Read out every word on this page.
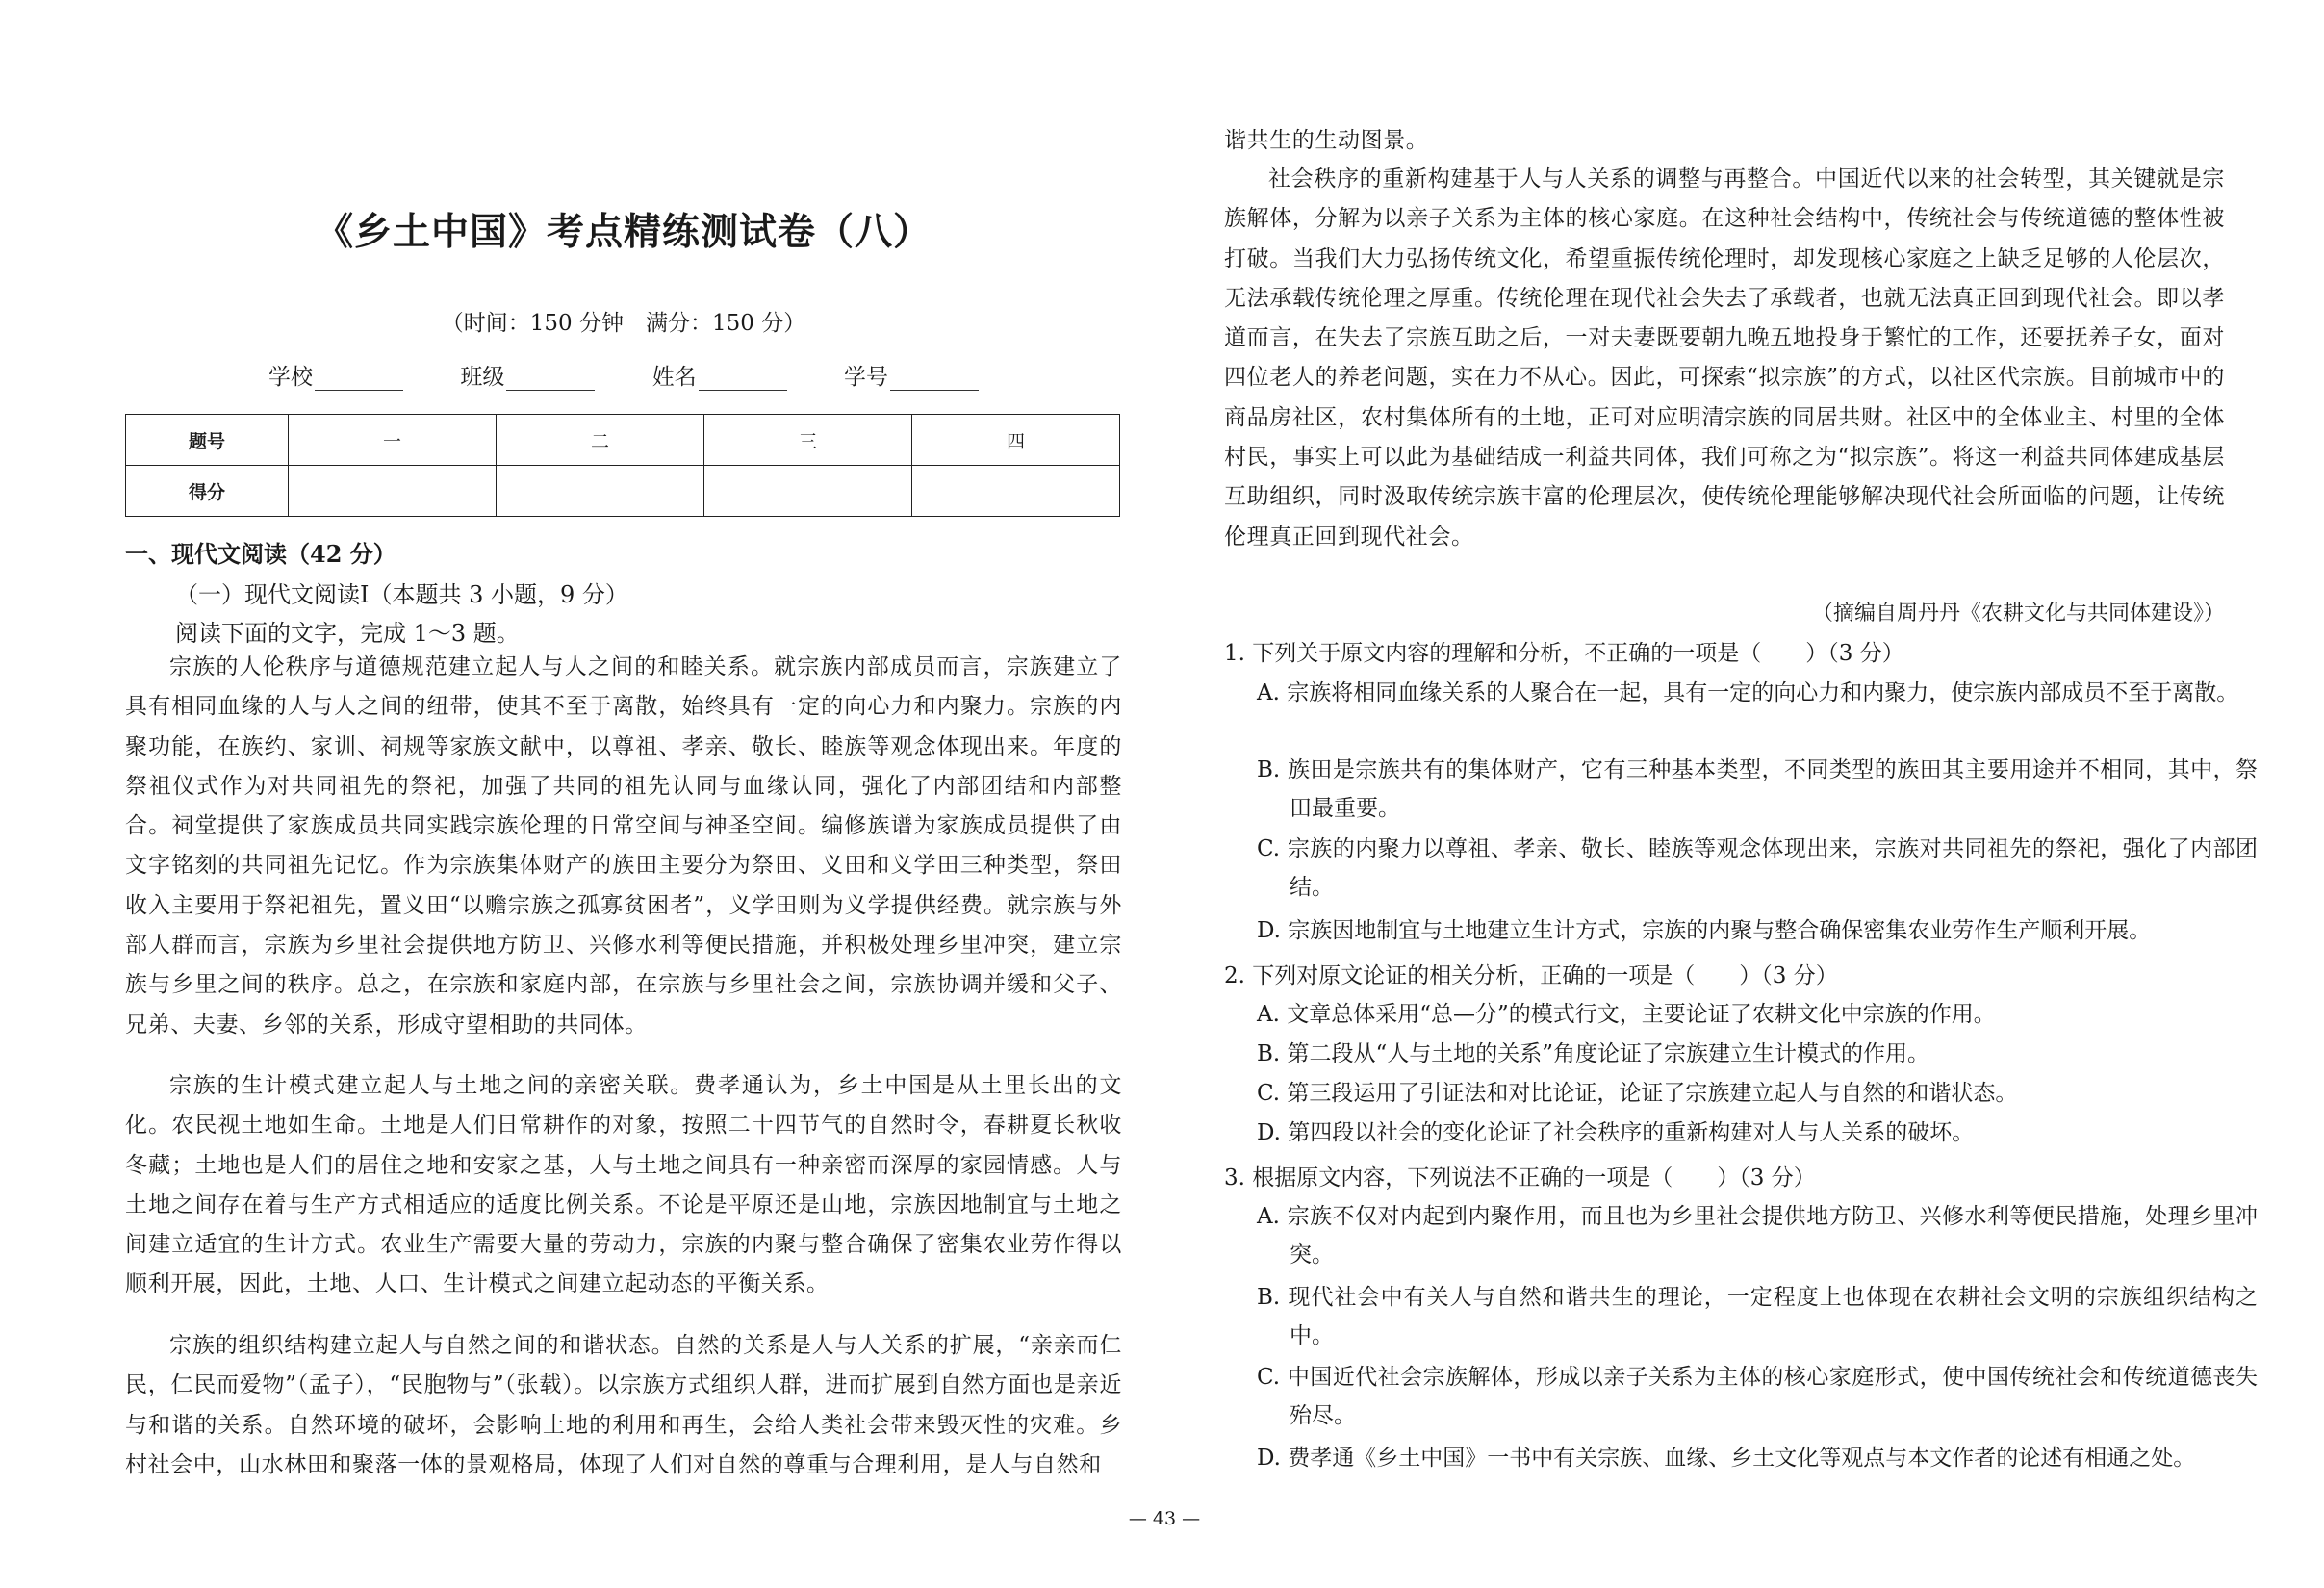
《乡土中国》考点精练测试卷（八）
（时间：150 分钟　满分：150 分）
学校	班级	姓名	学号
题号	一	二	三	四
得分				
一、现代文阅读（42 分）
（一）现代文阅读Ⅰ（本题共 3 小题，9 分）
阅读下面的文字，完成 1～3 题。

宗族的人伦秩序与道德规范建立起人与人之间的和睦关系。就宗族内部成员而言，宗族建立了具有相同血缘的人与人之间的纽带，使其不至于离散，始终具有一定的向心力和内聚力。宗族的内聚功能，在族约、家训、祠规等家族文献中，以尊祖、孝亲、敬长、睦族等观念体现出来。年度的祭祖仪式作为对共同祖先的祭祀，加强了共同的祖先认同与血缘认同，强化了内部团结和内部整合。祠堂提供了家族成员共同实践宗族伦理的日常空间与神圣空间。编修族谱为家族成员提供了由文字铭刻的共同祖先记忆。作为宗族集体财产的族田主要分为祭田、义田和义学田三种类型，祭田收入主要用于祭祀祖先，置义田“以赡宗族之孤寡贫困者”，义学田则为义学提供经费。就宗族与外部人群而言，宗族为乡里社会提供地方防卫、兴修水利等便民措施，并积极处理乡里冲突，建立宗族与乡里之间的秩序。总之，在宗族和家庭内部，在宗族与乡里社会之间，宗族协调并缓和父子、兄弟、夫妻、乡邻的关系，形成守望相助的共同体。

宗族的生计模式建立起人与土地之间的亲密关联。费孝通认为，乡土中国是从土里长出的文化。农民视土地如生命。土地是人们日常耕作的对象，按照二十四节气的自然时令，春耕夏长秋收冬藏；土地也是人们的居住之地和安家之基，人与土地之间具有一种亲密而深厚的家园情感。人与土地之间存在着与生产方式相适应的适度比例关系。不论是平原还是山地，宗族因地制宜与土地之间建立适宜的生计方式。农业生产需要大量的劳动力，宗族的内聚与整合确保了密集农业劳作得以顺利开展，因此，土地、人口、生计模式之间建立起动态的平衡关系。

宗族的组织结构建立起人与自然之间的和谐状态。自然的关系是人与人关系的扩展，“亲亲而仁民，仁民而爱物”（孟子），“民胞物与”（张载）。以宗族方式组织人群，进而扩展到自然方面也是亲近与和谐的关系。自然环境的破坏，会影响土地的利用和再生，会给人类社会带来毁灭性的灾难。乡村社会中，山水林田和聚落一体的景观格局，体现了人们对自然的尊重与合理利用，是人与自然和

谐共生的生动图景。

社会秩序的重新构建基于人与人关系的调整与再整合。中国近代以来的社会转型，其关键就是宗族解体，分解为以亲子关系为主体的核心家庭。在这种社会结构中，传统社会与传统道德的整体性被打破。当我们大力弘扬传统文化，希望重振传统伦理时，却发现核心家庭之上缺乏足够的人伦层次，无法承载传统伦理之厚重。传统伦理在现代社会失去了承载者，也就无法真正回到现代社会。即以孝道而言，在失去了宗族互助之后，一对夫妻既要朝九晚五地投身于繁忙的工作，还要抚养子女，面对四位老人的养老问题，实在力不从心。因此，可探索“拟宗族”的方式，以社区代宗族。目前城市中的商品房社区，农村集体所有的土地，正可对应明清宗族的同居共财。社区中的全体业主、村里的全体村民，事实上可以此为基础结成一利益共同体，我们可称之为“拟宗族”。将这一利益共同体建成基层互助组织，同时汲取传统宗族丰富的伦理层次，使传统伦理能够解决现代社会所面临的问题，让传统伦理真正回到现代社会。

（摘编自周丹丹《农耕文化与共同体建设》）
1. 下列关于原文内容的理解和分析，不正确的一项是（　　）（3 分）

A. 宗族将相同血缘关系的人聚合在一起，具有一定的向心力和内聚力，使宗族内部成员不至于离散。

B. 族田是宗族共有的集体财产，它有三种基本类型，不同类型的族田其主要用途并不相同，其中，祭田最重要。

C. 宗族的内聚力以尊祖、孝亲、敬长、睦族等观念体现出来，宗族对共同祖先的祭祀，强化了内部团结。

D. 宗族因地制宜与土地建立生计方式，宗族的内聚与整合确保密集农业劳作生产顺利开展。

2. 下列对原文论证的相关分析，正确的一项是（　　）（3 分）

A. 文章总体采用“总—分”的模式行文，主要论证了农耕文化中宗族的作用。

B. 第二段从“人与土地的关系”角度论证了宗族建立生计模式的作用。

C. 第三段运用了引证法和对比论证，论证了宗族建立起人与自然的和谐状态。

D. 第四段以社会的变化论证了社会秩序的重新构建对人与人关系的破坏。

3. 根据原文内容，下列说法不正确的一项是（　　）（3 分）

A. 宗族不仅对内起到内聚作用，而且也为乡里社会提供地方防卫、兴修水利等便民措施，处理乡里冲突。

B. 现代社会中有关人与自然和谐共生的理论，一定程度上也体现在农耕社会文明的宗族组织结构之中。

C. 中国近代社会宗族解体，形成以亲子关系为主体的核心家庭形式，使中国传统社会和传统道德丧失殆尽。

D. 费孝通《乡土中国》一书中有关宗族、血缘、乡土文化等观点与本文作者的论述有相通之处。

— 43 —
